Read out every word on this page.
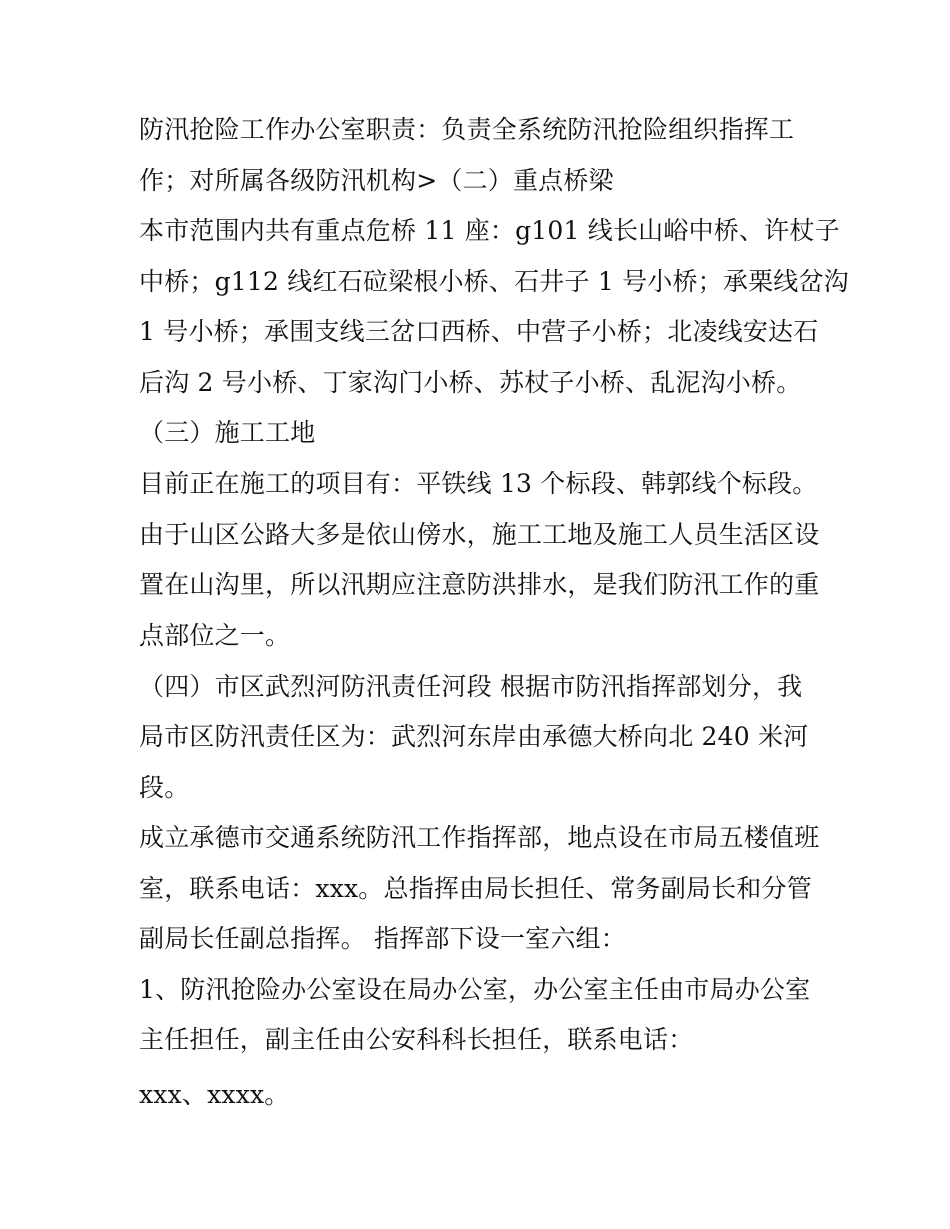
防汛抢险工作办公室职责：负责全系统防汛抢险组织指挥工
作；对所属各级防汛机构>（二）重点桥梁
本市范围内共有重点危桥 11 座：g101 线长山峪中桥、许杖子
中桥；g112 线红石砬梁根小桥、石井子 1 号小桥；承栗线岔沟
1 号小桥；承围支线三岔口西桥、中营子小桥；北凌线安达石
后沟 2 号小桥、丁家沟门小桥、苏杖子小桥、乱泥沟小桥。
（三）施工工地
目前正在施工的项目有：平铁线 13 个标段、韩郭线个标段。
由于山区公路大多是依山傍水，施工工地及施工人员生活区设
置在山沟里，所以汛期应注意防洪排水，是我们防汛工作的重
点部位之一。
（四）市区武烈河防汛责任河段 根据市防汛指挥部划分，我
局市区防汛责任区为：武烈河东岸由承德大桥向北 240 米河
段。
成立承德市交通系统防汛工作指挥部，地点设在市局五楼值班
室，联系电话：xxx。总指挥由局长担任、常务副局长和分管
副局长任副总指挥。 指挥部下设一室六组：
1、防汛抢险办公室设在局办公室，办公室主任由市局办公室
主任担任，副主任由公安科科长担任，联系电话：
xxx、xxxx。
